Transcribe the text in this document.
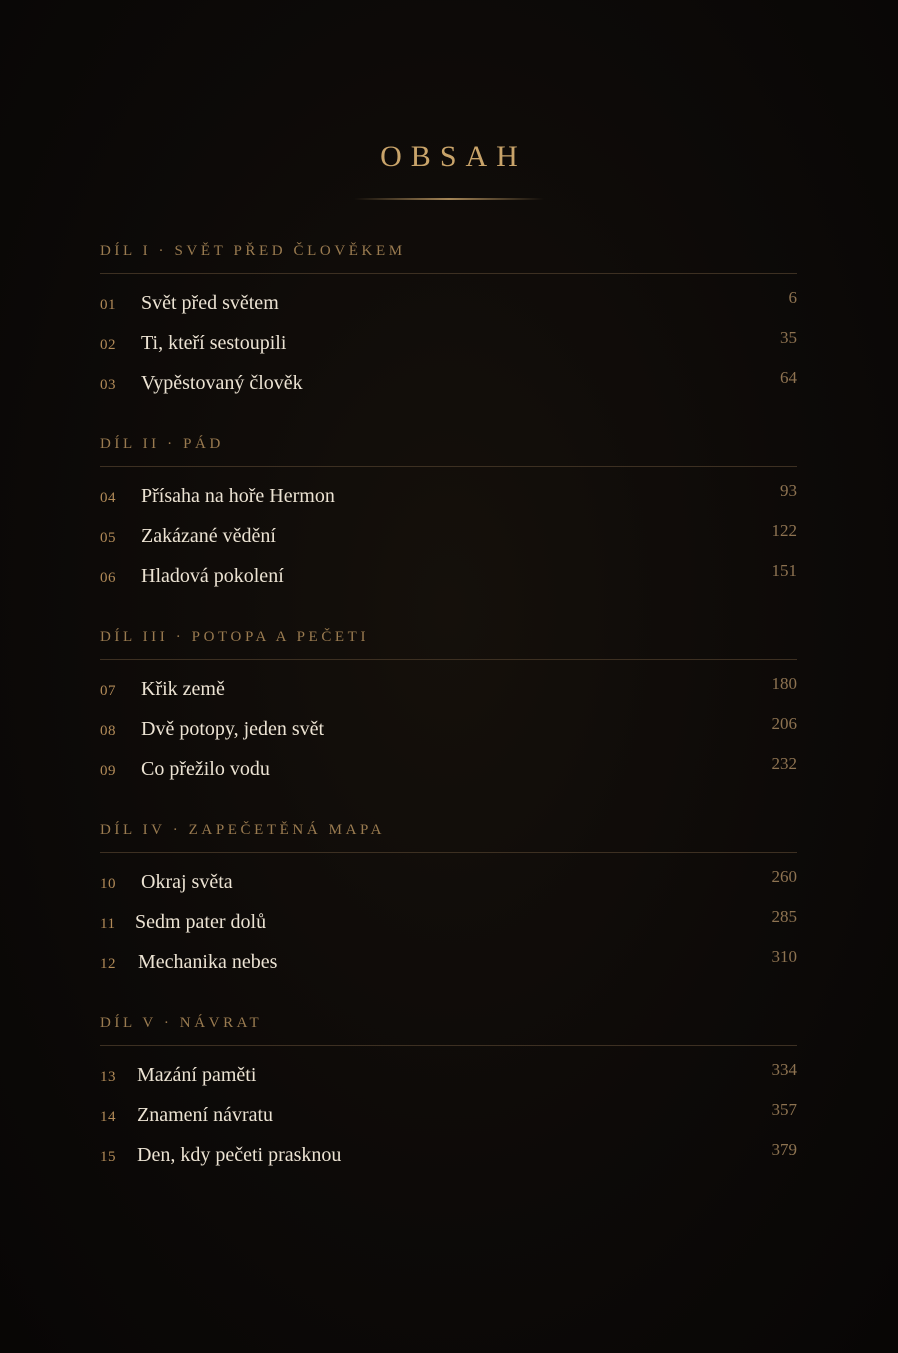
OBSAH
DÍL I · SVĚT PŘED ČLOVĚKEM
01 Svět před světem	6
02 Ti, kteří sestoupili	35
03 Vypěstovaný člověk	64
DÍL II · PÁD
04 Přísaha na hoře Hermon	93
05 Zakázané vědění	122
06 Hladová pokolení	151
DÍL III · POTOPA A PEČETI
07 Křik země	180
08 Dvě potopy, jeden svět	206
09 Co přežilo vodu	232
DÍL IV · ZAPEČETĚNÁ MAPA
10 Okraj světa	260
11 Sedm pater dolů	285
12 Mechanika nebes	310
DÍL V · NÁVRAT
13 Mazání paměti	334
14 Znamení návratu	357
15 Den, kdy pečeti prasknou	379
